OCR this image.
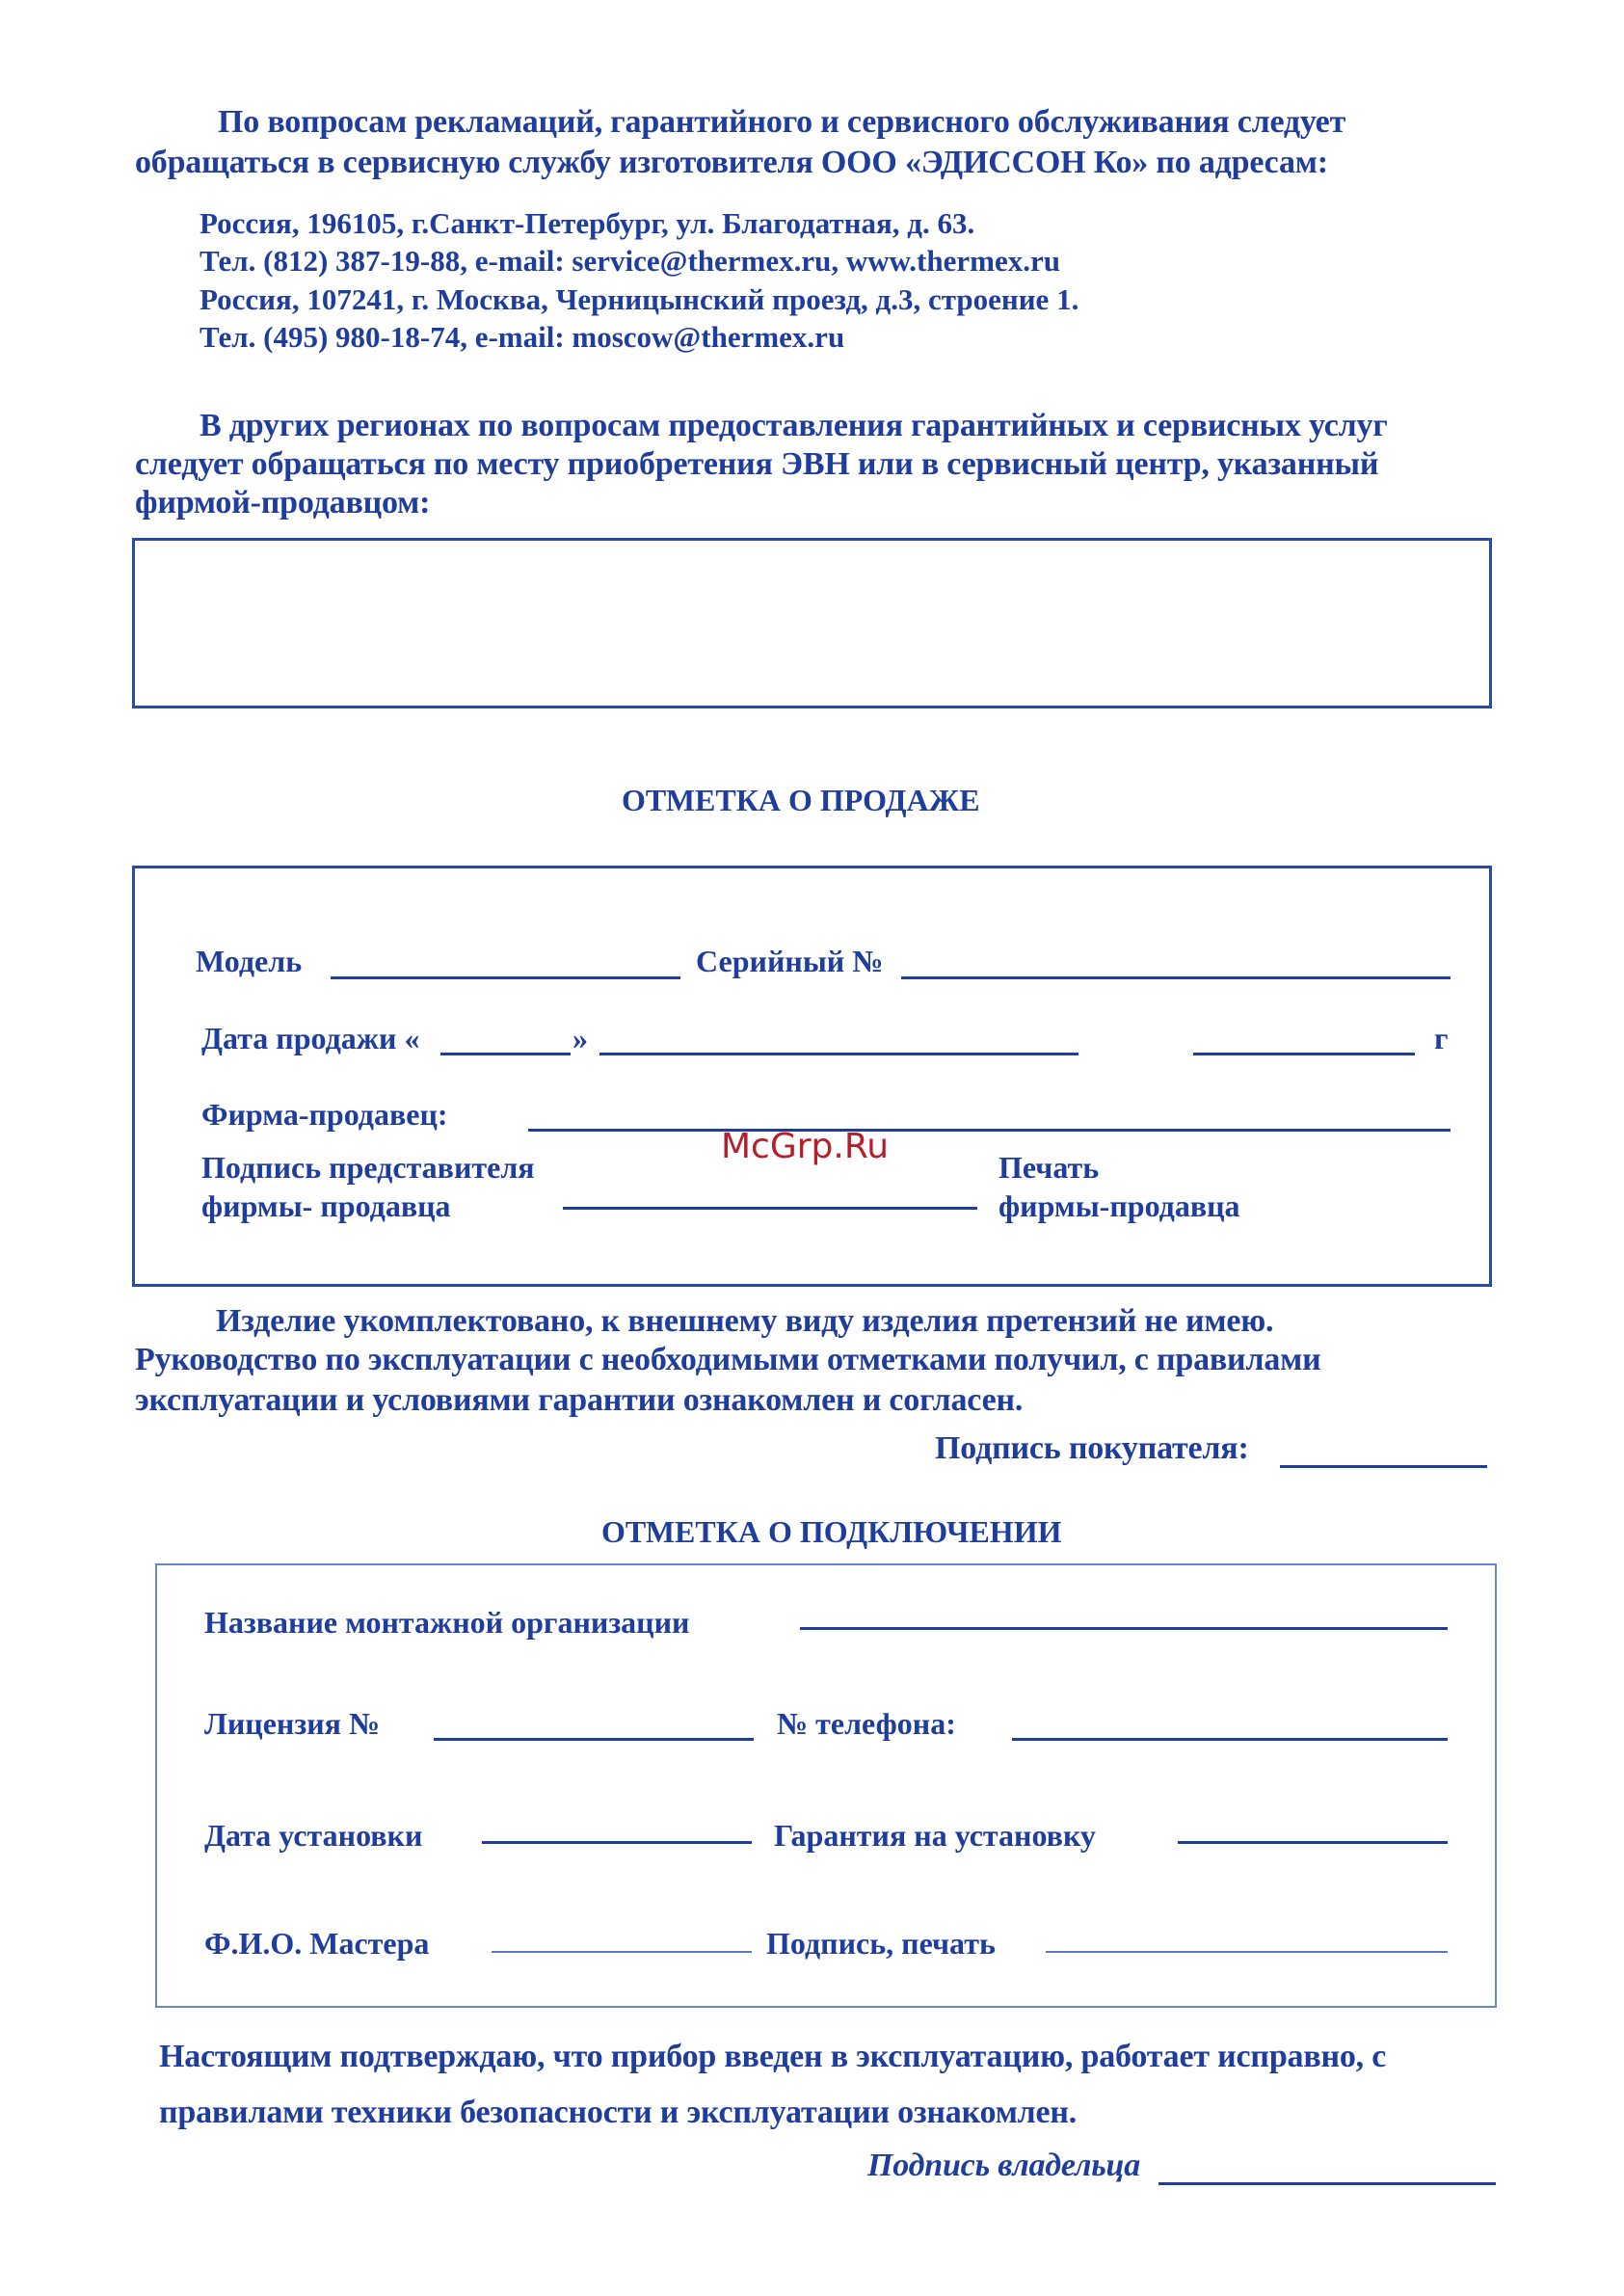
По вопросам рекламаций, гарантийного и сервисного обслуживания следует
обращаться в сервисную службу изготовителя ООО «ЭДИССОН Ко» по адресам:
Россия, 196105, г.Санкт-Петербург, ул. Благодатная, д. 63.
Тел. (812) 387-19-88, e-mail: service@thermex.ru, www.thermex.ru
Россия, 107241, г. Москва, Черницынский проезд, д.3, строение 1.
Тел. (495) 980-18-74, e-mail: moscow@thermex.ru
В других регионах по вопросам предоставления гарантийных и сервисных услуг
следует обращаться по месту приобретения ЭВН или в сервисный центр, указанный
фирмой-продавцом:
ОТМЕТКА О ПРОДАЖЕ
Модель	Серийный №
Дата продажи «	»	г
Фирма-продавец:
Подпись представителя
фирмы- продавца
Печать
фирмы-продавца
McGrp.Ru
Изделие укомплектовано, к внешнему виду изделия претензий не имею.
Руководство по эксплуатации с необходимыми отметками получил, с правилами
эксплуатации и условиями гарантии ознакомлен и согласен.
Подпись покупателя:
ОТМЕТКА О ПОДКЛЮЧЕНИИ
Название монтажной организации
Лицензия №	№ телефона:
Дата установки	Гарантия на установку
Ф.И.О. Мастера	Подпись, печать
Настоящим подтверждаю, что прибор введен в эксплуатацию, работает исправно, с
правилами техники безопасности и эксплуатации ознакомлен.
Подпись владельца
